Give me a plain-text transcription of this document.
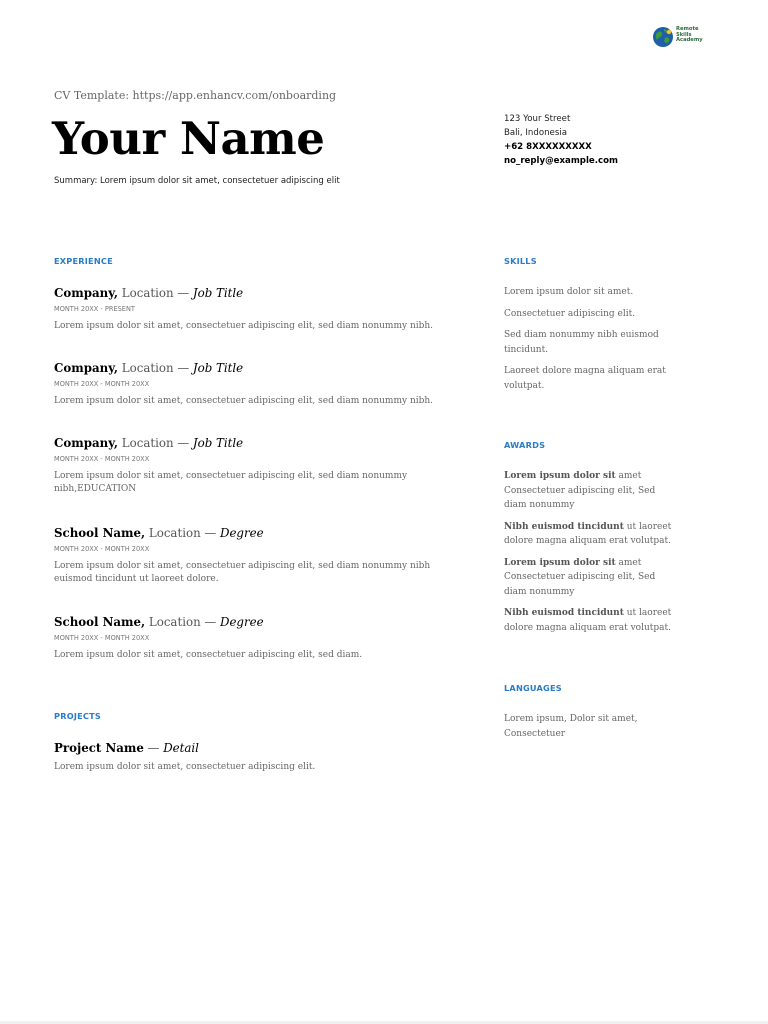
Remote
Skills
Academy
CV Template: https://app.enhancv.com/onboarding
Your Name
Summary: Lorem ipsum dolor sit amet, consectetuer adipiscing elit
123 Your Street
Bali, Indonesia
+62 8XXXXXXXXX
no_reply@example.com
EXPERIENCE
Company, Location — Job Title
MONTH 20XX - PRESENT
Lorem ipsum dolor sit amet, consectetuer adipiscing elit, sed diam nonummy nibh.
Company, Location — Job Title
MONTH 20XX - MONTH 20XX
Lorem ipsum dolor sit amet, consectetuer adipiscing elit, sed diam nonummy nibh.
Company, Location — Job Title
MONTH 20XX - MONTH 20XX
Lorem ipsum dolor sit amet, consectetuer adipiscing elit, sed diam nonummy nibh,EDUCATION
School Name, Location — Degree
MONTH 20XX - MONTH 20XX
Lorem ipsum dolor sit amet, consectetuer adipiscing elit, sed diam nonummy nibh euismod tincidunt ut laoreet dolore.
School Name, Location — Degree
MONTH 20XX - MONTH 20XX
Lorem ipsum dolor sit amet, consectetuer adipiscing elit, sed diam.
PROJECTS
Project Name — Detail
Lorem ipsum dolor sit amet, consectetuer adipiscing elit.
SKILLS

Lorem ipsum dolor sit amet.

Consectetuer adipiscing elit.

Sed diam nonummy nibh euismod tincidunt.

Laoreet dolore magna aliquam erat volutpat.

AWARDS

Lorem ipsum dolor sit amet Consectetuer adipiscing elit, Sed diam nonummy

Nibh euismod tincidunt ut laoreet dolore magna aliquam erat volutpat.

Lorem ipsum dolor sit amet Consectetuer adipiscing elit, Sed diam nonummy

Nibh euismod tincidunt ut laoreet dolore magna aliquam erat volutpat.

LANGUAGES

Lorem ipsum, Dolor sit amet, Consectetuer
